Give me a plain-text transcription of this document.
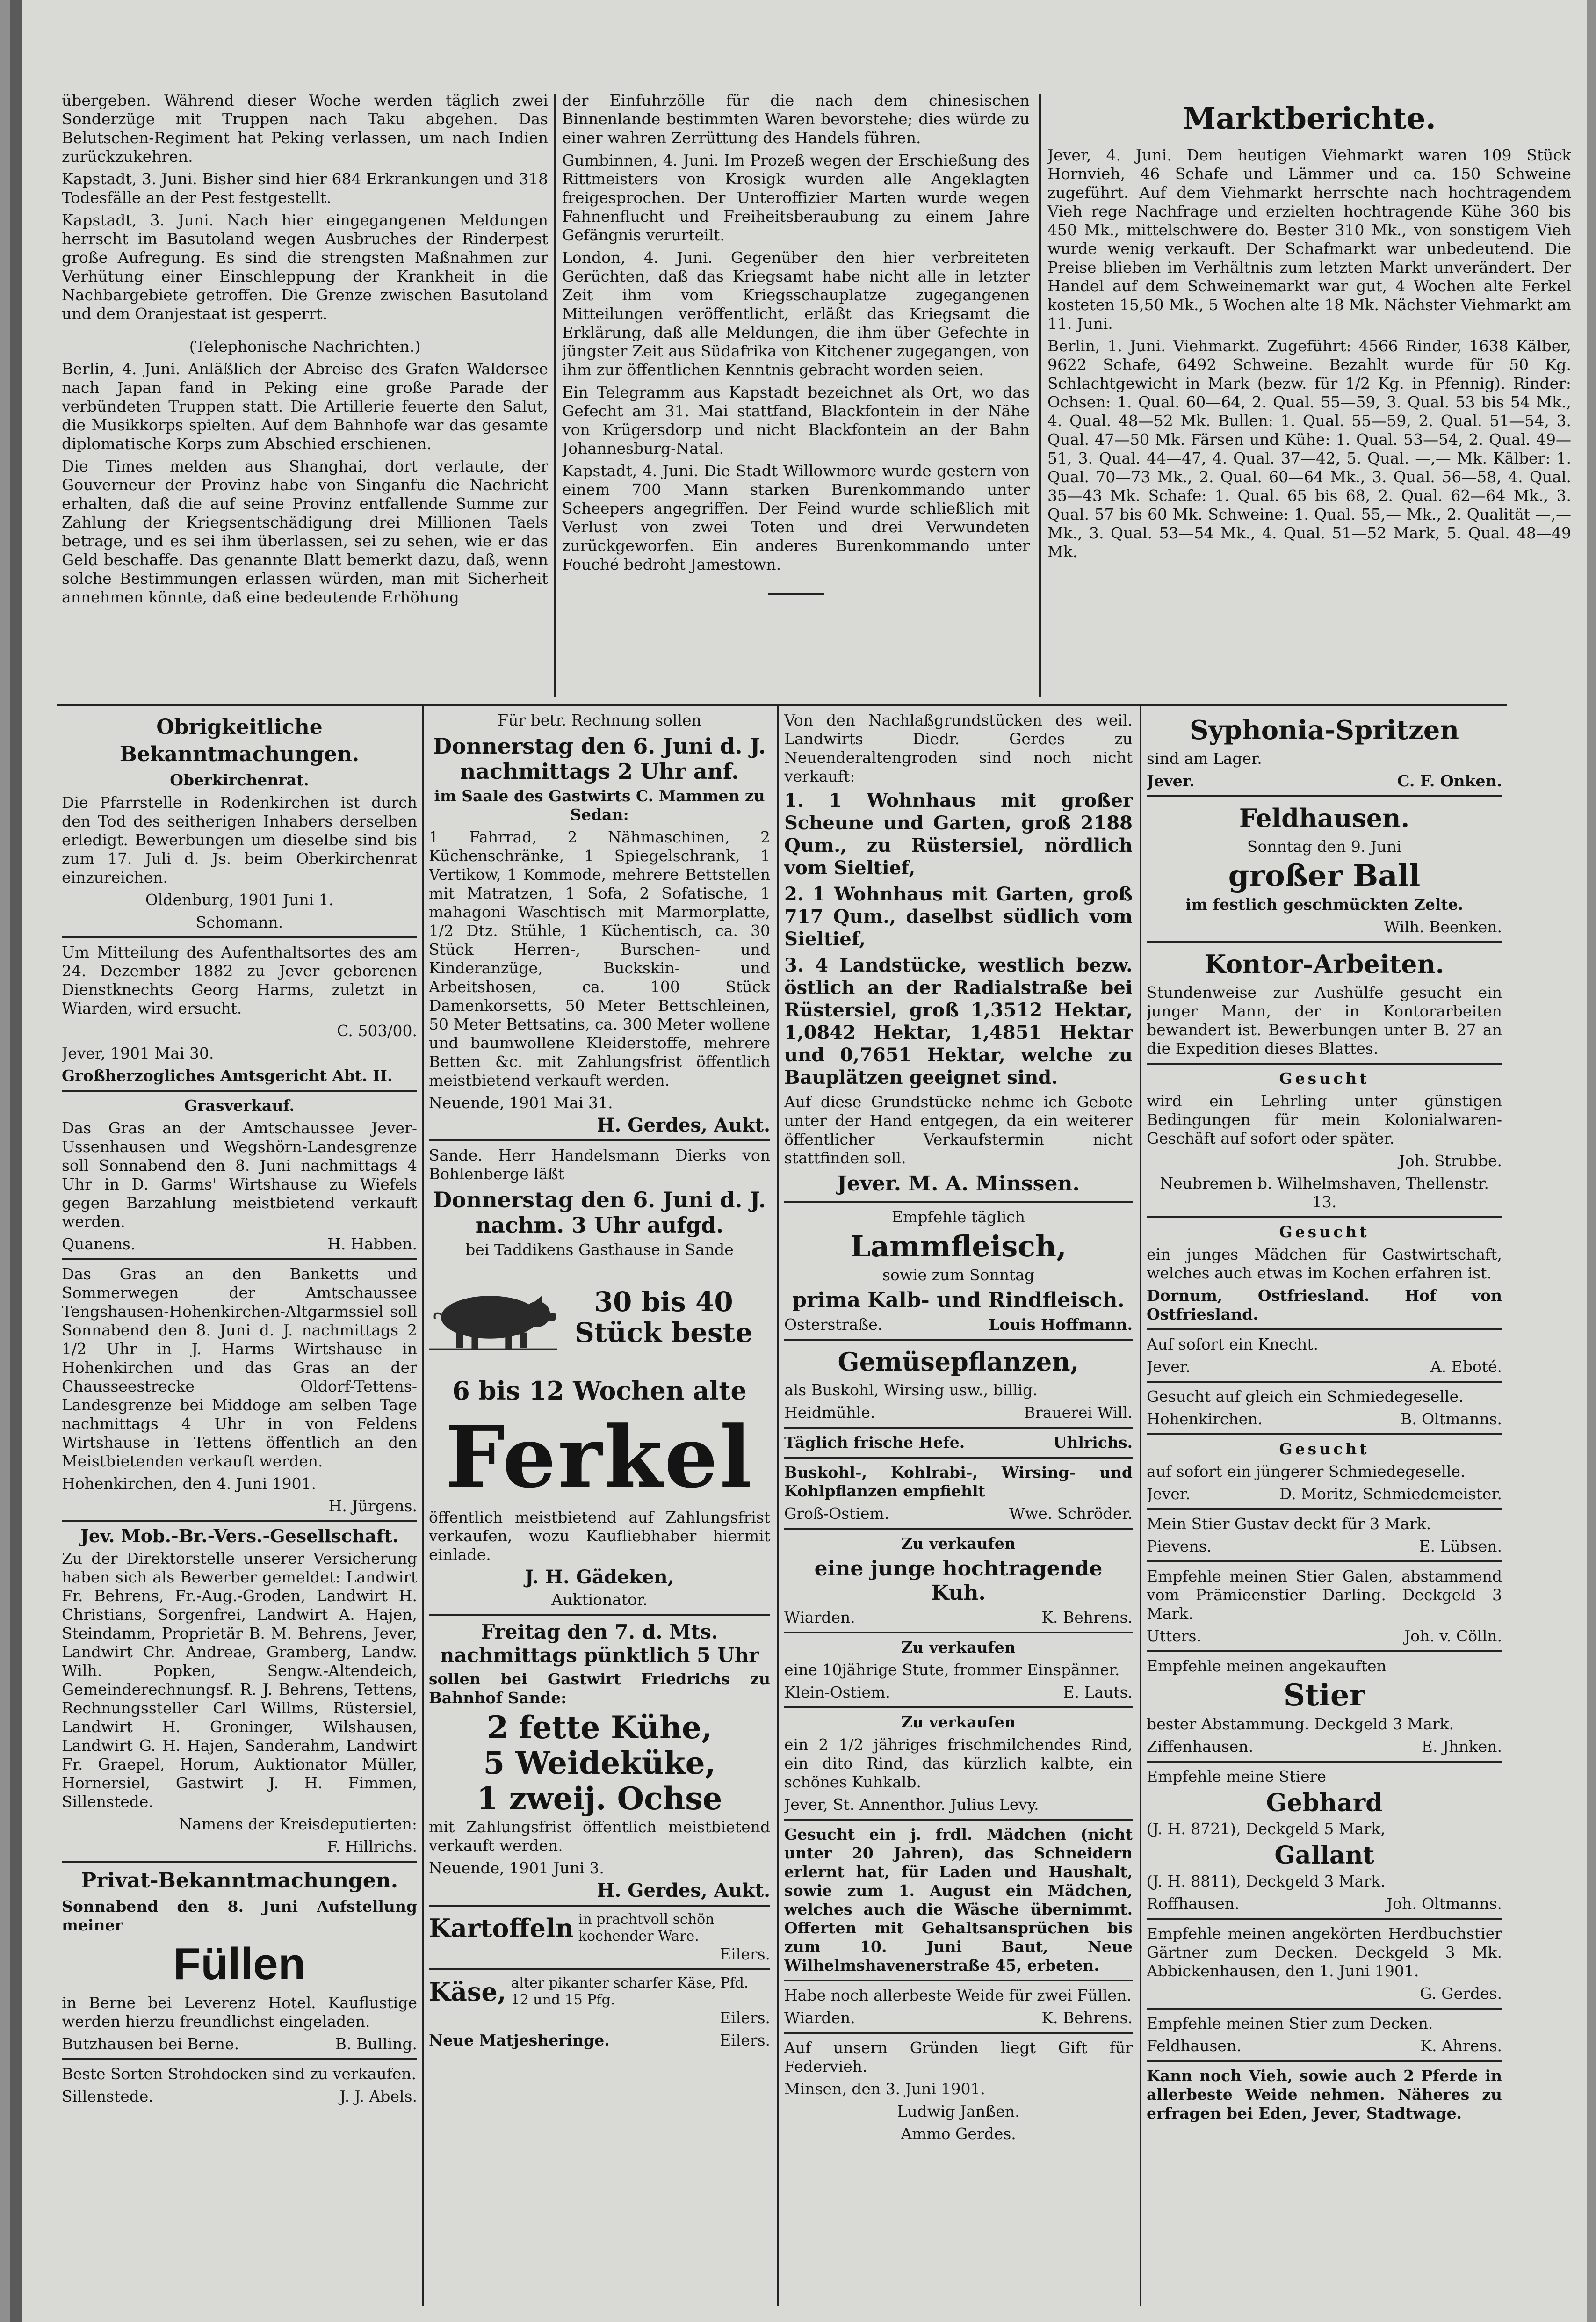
übergeben. Während dieser Woche werden täglich zwei Sonderzüge mit Truppen nach Taku abgehen. Das Belutschen-Regiment hat Peking verlassen, um nach Indien zurückzukehren.

Kapstadt, 3. Juni. Bisher sind hier 684 Erkrankungen und 318 Todesfälle an der Pest festgestellt.

Kapstadt, 3. Juni. Nach hier eingegangenen Meldungen herrscht im Basutoland wegen Ausbruches der Rinderpest große Aufregung. Es sind die strengsten Maßnahmen zur Verhütung einer Einschleppung der Krankheit in die Nachbargebiete getroffen. Die Grenze zwischen Basutoland und dem Oranjestaat ist gesperrt.

(Telephonische Nachrichten.)

Berlin, 4. Juni. Anläßlich der Abreise des Grafen Waldersee nach Japan fand in Peking eine große Parade der verbündeten Truppen statt. Die Artillerie feuerte den Salut, die Musikkorps spielten. Auf dem Bahnhofe war das gesamte diplomatische Korps zum Abschied erschienen.

Die Times melden aus Shanghai, dort verlaute, der Gouverneur der Provinz habe von Singanfu die Nachricht erhalten, daß die auf seine Provinz entfallende Summe zur Zahlung der Kriegsentschädigung drei Millionen Taels betrage, und es sei ihm überlassen, sei zu sehen, wie er das Geld beschaffe. Das genannte Blatt bemerkt dazu, daß, wenn solche Bestimmungen erlassen würden, man mit Sicherheit annehmen könnte, daß eine bedeutende Erhöhung

der Einfuhrzölle für die nach dem chinesischen Binnenlande bestimmten Waren bevorstehe; dies würde zu einer wahren Zerrüttung des Handels führen.

Gumbinnen, 4. Juni. Im Prozeß wegen der Erschießung des Rittmeisters von Krosigk wurden alle Angeklagten freigesprochen. Der Unteroffizier Marten wurde wegen Fahnenflucht und Freiheitsberaubung zu einem Jahre Gefängnis verurteilt.

London, 4. Juni. Gegenüber den hier verbreiteten Gerüchten, daß das Kriegsamt habe nicht alle in letzter Zeit ihm vom Kriegsschauplatze zugegangenen Mitteilungen veröffentlicht, erläßt das Kriegsamt die Erklärung, daß alle Meldungen, die ihm über Gefechte in jüngster Zeit aus Südafrika von Kitchener zugegangen, von ihm zur öffentlichen Kenntnis gebracht worden seien.

Ein Telegramm aus Kapstadt bezeichnet als Ort, wo das Gefecht am 31. Mai stattfand, Blackfontein in der Nähe von Krügersdorp und nicht Blackfontein an der Bahn Johannesburg-Natal.

Kapstadt, 4. Juni. Die Stadt Willowmore wurde gestern von einem 700 Mann starken Burenkommando unter Scheepers angegriffen. Der Feind wurde schließlich mit Verlust von zwei Toten und drei Verwundeten zurückgeworfen. Ein anderes Burenkommando unter Fouché bedroht Jamestown.

Marktberichte.

Jever, 4. Juni. Dem heutigen Viehmarkt waren 109 Stück Hornvieh, 46 Schafe und Lämmer und ca. 150 Schweine zugeführt. Auf dem Viehmarkt herrschte nach hochtragendem Vieh rege Nachfrage und erzielten hochtragende Kühe 360 bis 450 Mk., mittelschwere do. Bester 310 Mk., von sonstigem Vieh wurde wenig verkauft. Der Schafmarkt war unbedeutend. Die Preise blieben im Verhältnis zum letzten Markt unverändert. Der Handel auf dem Schweinemarkt war gut, 4 Wochen alte Ferkel kosteten 15,50 Mk., 5 Wochen alte 18 Mk. Nächster Viehmarkt am 11. Juni.

Berlin, 1. Juni. Viehmarkt. Zugeführt: 4566 Rinder, 1638 Kälber, 9622 Schafe, 6492 Schweine. Bezahlt wurde für 50 Kg. Schlachtgewicht in Mark (bezw. für 1/2 Kg. in Pfennig). Rinder: Ochsen: 1. Qual. 60—64, 2. Qual. 55—59, 3. Qual. 53 bis 54 Mk., 4. Qual. 48—52 Mk. Bullen: 1. Qual. 55—59, 2. Qual. 51—54, 3. Qual. 47—50 Mk. Färsen und Kühe: 1. Qual. 53—54, 2. Qual. 49—51, 3. Qual. 44—47, 4. Qual. 37—42, 5. Qual. —,— Mk. Kälber: 1. Qual. 70—73 Mk., 2. Qual. 60—64 Mk., 3. Qual. 56—58, 4. Qual. 35—43 Mk. Schafe: 1. Qual. 65 bis 68, 2. Qual. 62—64 Mk., 3. Qual. 57 bis 60 Mk. Schweine: 1. Qual. 55,— Mk., 2. Qualität —,— Mk., 3. Qual. 53—54 Mk., 4. Qual. 51—52 Mark, 5. Qual. 48—49 Mk.

Obrigkeitliche Bekanntmachungen.

Oberkirchenrat.

Die Pfarrstelle in Rodenkirchen ist durch den Tod des seitherigen Inhabers derselben erledigt. Bewerbungen um dieselbe sind bis zum 17. Juli d. Js. beim Oberkirchenrat einzureichen.

Oldenburg, 1901 Juni 1.

Schomann.

Um Mitteilung des Aufenthaltsortes des am 24. Dezember 1882 zu Jever geborenen Dienstknechts Georg Harms, zuletzt in Wiarden, wird ersucht.

C. 503/00.

Jever, 1901 Mai 30.

Großherzogliches Amtsgericht Abt. II.

Grasverkauf.

Das Gras an der Amtschaussee Jever-Ussenhausen und Wegshörn-Landesgrenze soll Sonnabend den 8. Juni nachmittags 4 Uhr in D. Garms' Wirtshause zu Wiefels gegen Barzahlung meistbietend verkauft werden.

Quanens.	H. Habben.

Das Gras an den Banketts und Sommerwegen der Amtschaussee Tengshausen-Hohenkirchen-Altgarmssiel soll Sonnabend den 8. Juni d. J. nachmittags 2 1/2 Uhr in J. Harms Wirtshause in Hohenkirchen und das Gras an der Chausseestrecke Oldorf-Tettens-Landesgrenze bei Middoge am selben Tage nachmittags 4 Uhr in von Feldens Wirtshause in Tettens öffentlich an den Meistbietenden verkauft werden.

Hohenkirchen, den 4. Juni 1901.

H. Jürgens.

Jev. Mob.-Br.-Vers.-Gesellschaft.

Zu der Direktorstelle unserer Versicherung haben sich als Bewerber gemeldet: Landwirt Fr. Behrens, Fr.-Aug.-Groden, Landwirt H. Christians, Sorgenfrei, Landwirt A. Hajen, Steindamm, Proprietär B. M. Behrens, Jever, Landwirt Chr. Andreae, Gramberg, Landw. Wilh. Popken, Sengw.-Altendeich, Gemeinderechnungsf. R. J. Behrens, Tettens, Rechnungssteller Carl Willms, Rüstersiel, Landwirt H. Groninger, Wilshausen, Landwirt G. H. Hajen, Sanderahm, Landwirt Fr. Graepel, Horum, Auktionator Müller, Hornersiel, Gastwirt J. H. Fimmen, Sillenstede.

Namens der Kreisdeputierten:

F. Hillrichs.

Privat-Bekanntmachungen.

Sonnabend den 8. Juni Aufstellung meiner

Füllen

in Berne bei Leverenz Hotel. Kauflustige werden hierzu freundlichst eingeladen.

Butzhausen bei Berne.	B. Bulling.

Beste Sorten Strohdocken sind zu verkaufen.

Sillenstede.	J. J. Abels.

Für betr. Rechnung sollen

Donnerstag den 6. Juni d. J. nachmittags 2 Uhr anf.

im Saale des Gastwirts C. Mammen zu Sedan:

1 Fahrrad, 2 Nähmaschinen, 2 Küchenschränke, 1 Spiegelschrank, 1 Vertikow, 1 Kommode, mehrere Bettstellen mit Matratzen, 1 Sofa, 2 Sofatische, 1 mahagoni Waschtisch mit Marmorplatte, 1/2 Dtz. Stühle, 1 Küchentisch, ca. 30 Stück Herren-, Burschen- und Kinderanzüge, Buckskin- und Arbeitshosen, ca. 100 Stück Damenkorsetts, 50 Meter Bettschleinen, 50 Meter Bettsatins, ca. 300 Meter wollene und baumwollene Kleiderstoffe, mehrere Betten &c. mit Zahlungsfrist öffentlich meistbietend verkauft werden.

Neuende, 1901 Mai 31.

H. Gerdes, Aukt.

Sande. Herr Handelsmann Dierks von Bohlenberge läßt

Donnerstag den 6. Juni d. J. nachm. 3 Uhr aufgd.

bei Taddikens Gasthause in Sande

30 bis 40 Stück beste
6 bis 12 Wochen alte
Ferkel

öffentlich meistbietend auf Zahlungsfrist verkaufen, wozu Kaufliebhaber hiermit einlade.

J. H. Gädeken,

Auktionator.

Freitag den 7. d. Mts. nachmittags pünktlich 5 Uhr

sollen bei Gastwirt Friedrichs zu Bahnhof Sande:

2 fette Kühe,
5 Weideküke,
1 zweij. Ochse

mit Zahlungsfrist öffentlich meistbietend verkauft werden.

Neuende, 1901 Juni 3.

H. Gerdes, Aukt.

Kartoffeln in prachtvoll schön kochender Ware.

Eilers.

Käse, alter pikanter scharfer Käse, Pfd. 12 und 15 Pfg.

Eilers.

Neue Matjesheringe.	Eilers.

Von den Nachlaßgrundstücken des weil. Landwirts Diedr. Gerdes zu Neuenderaltengroden sind noch nicht verkauft:

1. 1 Wohnhaus mit großer Scheune und Garten, groß 2188 Qum., zu Rüstersiel, nördlich vom Sieltief,

2. 1 Wohnhaus mit Garten, groß 717 Qum., daselbst südlich vom Sieltief,

3. 4 Landstücke, westlich bezw. östlich an der Radialstraße bei Rüstersiel, groß 1,3512 Hektar, 1,0842 Hektar, 1,4851 Hektar und 0,7651 Hektar, welche zu Bauplätzen geeignet sind.

Auf diese Grundstücke nehme ich Gebote unter der Hand entgegen, da ein weiterer öffentlicher Verkaufstermin nicht stattfinden soll.

Jever. M. A. Minssen.

Empfehle täglich

Lammfleisch,

sowie zum Sonntag

prima Kalb- und Rindfleisch.
Osterstraße.	Louis Hoffmann.
Gemüsepflanzen,

als Buskohl, Wirsing usw., billig.

Heidmühle.	Brauerei Will.
Täglich frische Hefe.	Uhlrichs.

Buskohl-, Kohlrabi-, Wirsing- und Kohlpflanzen empfiehlt

Groß-Ostiem.	Wwe. Schröder.

Zu verkaufen

eine junge hochtragende Kuh.
Wiarden.	K. Behrens.

Zu verkaufen

eine 10jährige Stute, frommer Einspänner.

Klein-Ostiem.	E. Lauts.

Zu verkaufen

ein 2 1/2 jähriges frischmilchendes Rind, ein dito Rind, das kürzlich kalbte, ein schönes Kuhkalb.

Jever, St. Annenthor. Julius Levy.

Gesucht ein j. frdl. Mädchen (nicht unter 20 Jahren), das Schneidern erlernt hat, für Laden und Haushalt, sowie zum 1. August ein Mädchen, welches auch die Wäsche übernimmt. Offerten mit Gehaltsansprüchen bis zum 10. Juni Baut, Neue Wilhelmshavenerstraße 45, erbeten.

Habe noch allerbeste Weide für zwei Füllen.

Wiarden.	K. Behrens.

Auf unsern Gründen liegt Gift für Federvieh.

Minsen, den 3. Juni 1901.

Ludwig Janßen.

Ammo Gerdes.

Syphonia-Spritzen

sind am Lager.

Jever.	C. F. Onken.
Feldhausen.

Sonntag den 9. Juni

großer Ball

im festlich geschmückten Zelte.

Wilh. Beenken.

Kontor-Arbeiten.

Stundenweise zur Aushülfe gesucht ein junger Mann, der in Kontorarbeiten bewandert ist. Bewerbungen unter B. 27 an die Expedition dieses Blattes.

Gesucht

wird ein Lehrling unter günstigen Bedingungen für mein Kolonialwaren-Geschäft auf sofort oder später.

Joh. Strubbe.

Neubremen b. Wilhelmshaven, Thellenstr. 13.

Gesucht

ein junges Mädchen für Gastwirtschaft, welches auch etwas im Kochen erfahren ist.

Dornum, Ostfriesland. Hof von Ostfriesland.

Auf sofort ein Knecht.

Jever.	A. Eboté.

Gesucht auf gleich ein Schmiedegeselle.

Hohenkirchen.	B. Oltmanns.

Gesucht

auf sofort ein jüngerer Schmiedegeselle.

Jever.	D. Moritz, Schmiedemeister.

Mein Stier Gustav deckt für 3 Mark.

Pievens.	E. Lübsen.

Empfehle meinen Stier Galen, abstammend vom Prämieenstier Darling. Deckgeld 3 Mark.

Utters.	Joh. v. Cölln.

Empfehle meinen angekauften

Stier

bester Abstammung. Deckgeld 3 Mark.

Ziffenhausen.	E. Jhnken.

Empfehle meine Stiere

Gebhard

(J. H. 8721), Deckgeld 5 Mark,

Gallant

(J. H. 8811), Deckgeld 3 Mark.

Roffhausen.	Joh. Oltmanns.

Empfehle meinen angekörten Herdbuchstier Gärtner zum Decken. Deckgeld 3 Mk. Abbickenhausen, den 1. Juni 1901.

G. Gerdes.

Empfehle meinen Stier zum Decken.

Feldhausen.	K. Ahrens.

Kann noch Vieh, sowie auch 2 Pferde in allerbeste Weide nehmen. Näheres zu erfragen bei Eden, Jever, Stadtwage.
